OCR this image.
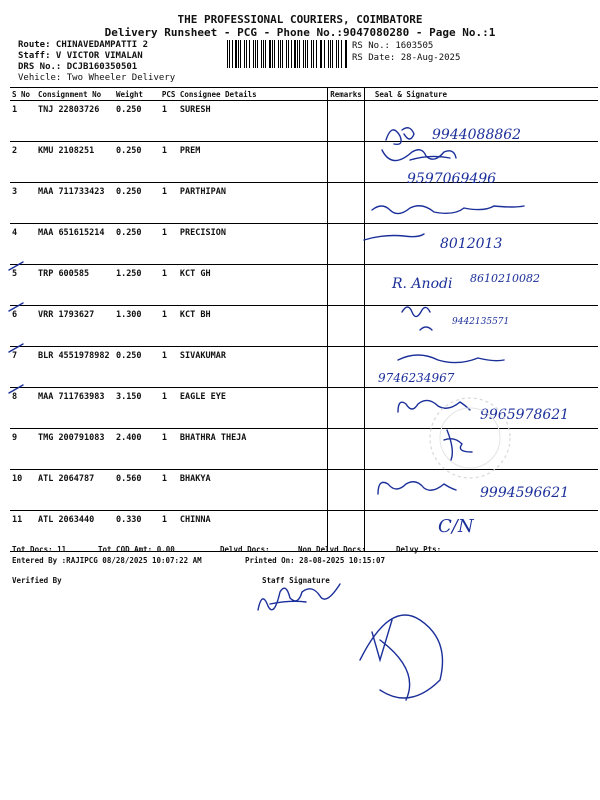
THE PROFESSIONAL COURIERS, COIMBATORE
Delivery Runsheet - PCG - Phone No.:9047080280 - Page No.:1
Route: CHINAVEDAMPATTI 2
Staff: V VICTOR VIMALAN
DRS No.: DCJB160350501
Vehicle: Two Wheeler Delivery
RS No.: 1603505
RS Date: 28-Aug-2025
S No	Consignment No	Weight	PCS	Consignee Details	Remarks	Seal & Signature
1	TNJ 22803726	0.250	1	SURESH		
2	KMU 2108251	0.250	1	PREM		
3	MAA 711733423	0.250	1	PARTHIPAN		
4	MAA 651615214	0.250	1	PRECISION		
5	TRP 600585	1.250	1	KCT GH		
6	VRR 1793627	1.300	1	KCT BH		
7	BLR 4551978982	0.250	1	SIVAKUMAR		
8	MAA 711763983	3.150	1	EAGLE EYE		
9	TMG 200791083	2.400	1	BHATHRA THEJA		
10	ATL 2064787	0.560	1	BHAKYA		
11	ATL 2063440	0.330	1	CHINNA		
9944088862
9597069496
8012013
R. Anodi 8610210082
9442135571
9746234967
9965978621
9994596621
C/N
Tot Docs: 11	Tot COD Amt: 0.00	Delvd Docs:	Non Delvd Docs:	Delvy Pts:
Entered By :RAJIPCG 08/28/2025 10:07:22 AM	Printed On: 28-08-2025 10:15:07
Verified By	Staff Signature
